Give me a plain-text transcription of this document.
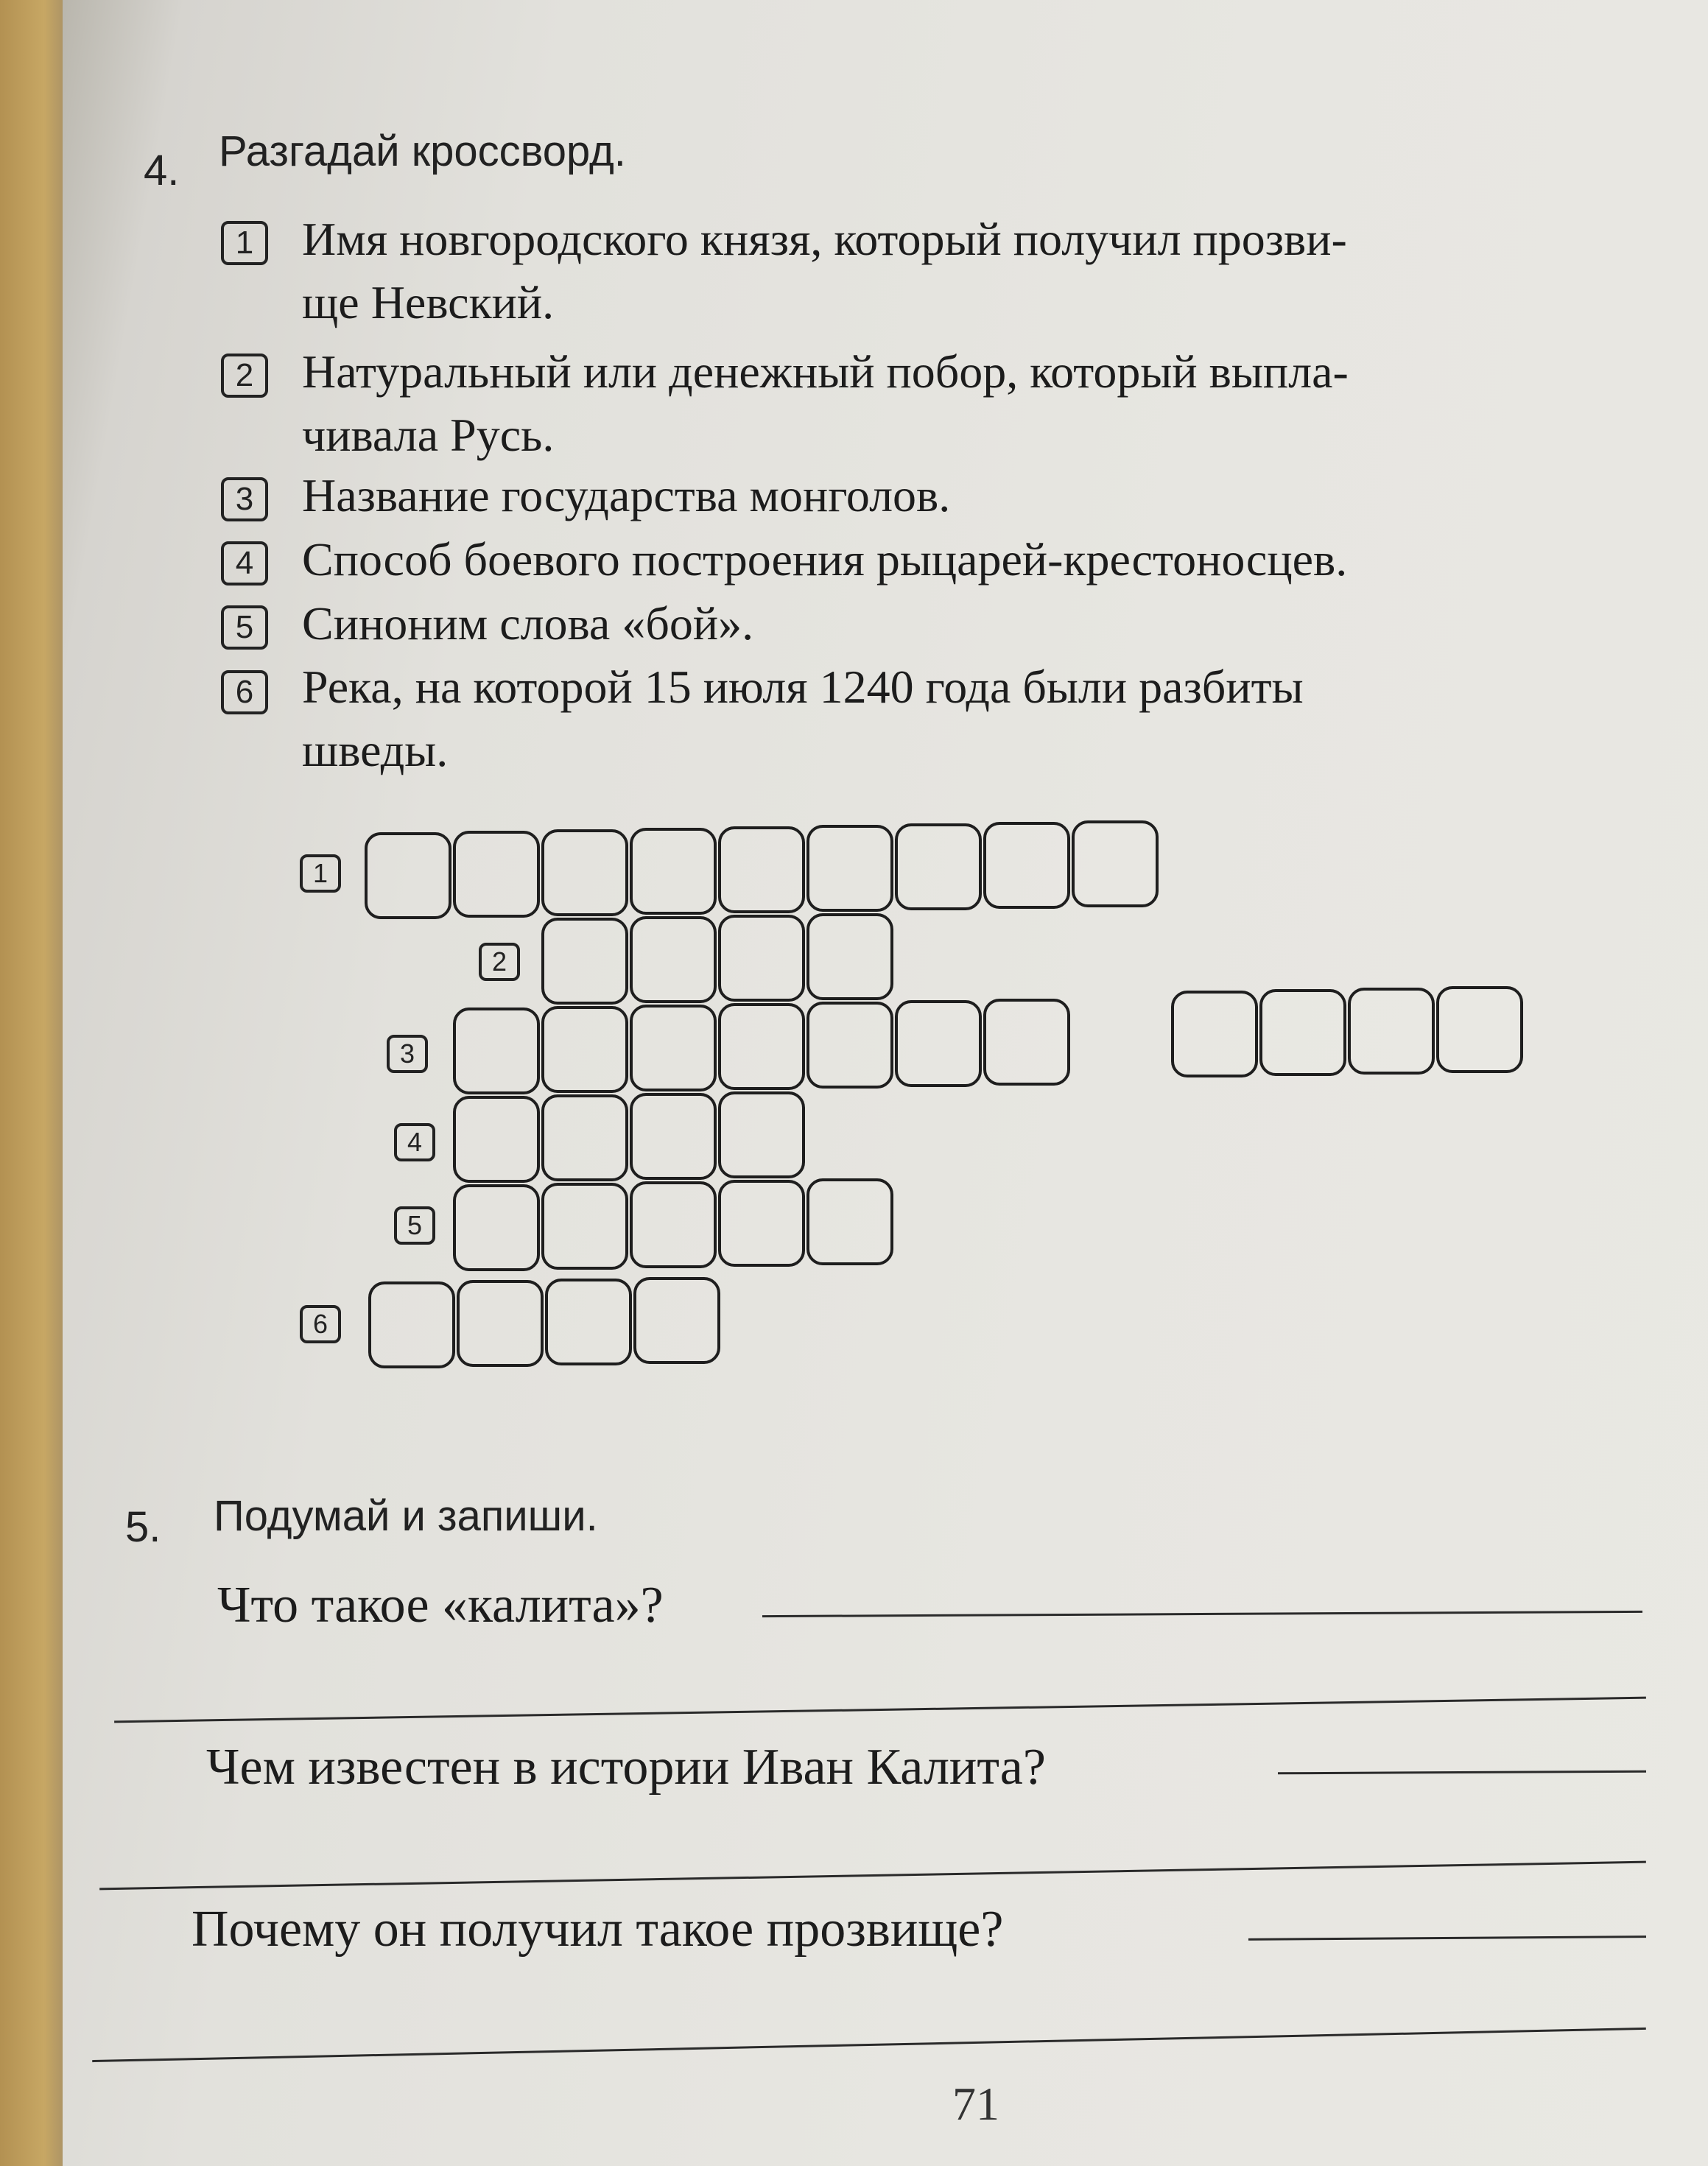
4. Разгадай кроссворд.
1	Имя новгородского князя, который получил прозви-
ще Невский.
2	Натуральный или денежный побор, который выпла-
чивала Русь.
3	Название государства монголов.
4	Способ боевого построения рыцарей-крестоносцев.
5	Синоним слова «бой».
6	Река, на которой 15 июля 1240 года были разбиты
шведы.
1
2
3
4
5
6
5. Подумай и запиши.
Что такое «калита»?
Чем известен в истории Иван Калита?
Почему он получил такое прозвище?
71
